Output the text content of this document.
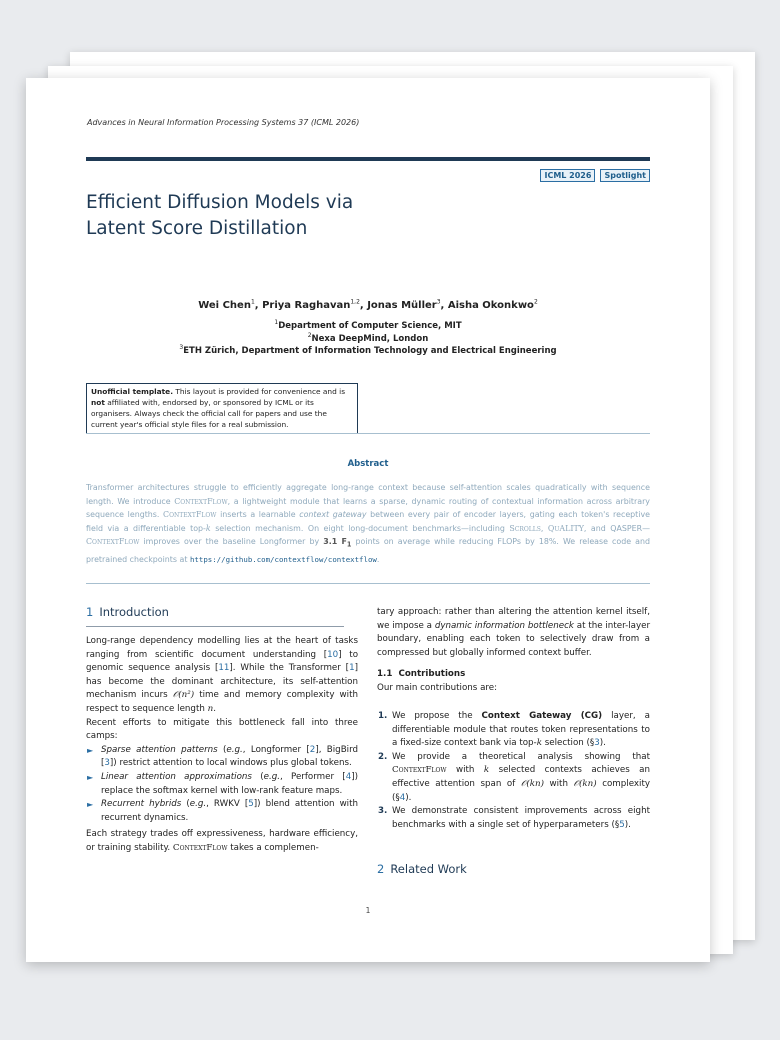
Advances in Neural Information Processing Systems 37 (ICML 2026)
ICML 2026	Spotlight
Efficient Diffusion Models via
Latent Score Distillation
Wei Chen$^1$, Priya Raghavan$^{1,2}$, Jonas Müller$^3$, Aisha Okonkwo$^2$
$^1$Department of Computer Science, MIT
$^2$Nexa DeepMind, London
$^3$ETH Zürich, Department of Information Technology and Electrical Engineering
Unofficial template. This layout is provided for convenience and is not affiliated with, endorsed by, or sponsored by ICML or its organisers. Always check the official call for papers and use the current year's official style files for a real submission.
Abstract
Transformer architectures struggle to efficiently aggregate long-range context because self-attention scales quadratically with sequence length. We introduce ContextFlow, a lightweight module that learns a sparse, dynamic routing of contextual information across arbitrary sequence lengths. ContextFlow inserts a learnable context gateway between every pair of encoder layers, gating each token's receptive field via a differentiable top-k selection mechanism. On eight long-document benchmarks—including Scrolls, QuALITY, and QASPER—ContextFlow improves over the baseline Longformer by 3.1 $F_1$ points on average while reducing FLOPs by 18%. We release code and pretrained checkpoints at https://github.com/contextflow/contextflow.
1 Introduction
Long-range dependency modelling lies at the heart of tasks ranging from scientific document understanding [10] to genomic sequence analysis [11]. While the Transformer [1] has become the dominant architecture, its self-attention mechanism incurs 𝒪(n²) time and memory complexity with respect to sequence length n.
Recent efforts to mitigate this bottleneck fall into three camps:
► Sparse attention patterns (e.g., Longformer [2], BigBird [3]) restrict attention to local windows plus global tokens.
► Linear attention approximations (e.g., Performer [4]) replace the softmax kernel with low-rank feature maps.
► Recurrent hybrids (e.g., RWKV [5]) blend attention with recurrent dynamics.
Each strategy trades off expressiveness, hardware efficiency, or training stability. ContextFlow takes a complemen-
tary approach: rather than altering the attention kernel itself, we impose a dynamic information bottleneck at the inter-layer boundary, enabling each token to selectively draw from a compressed but globally informed context buffer.
1.1 Contributions
Our main contributions are:
1. We propose the Context Gateway (CG) layer, a differentiable module that routes token representations to a fixed-size context bank via top-k selection (§3).
2. We provide a theoretical analysis showing that ContextFlow with k selected contexts achieves an effective attention span of 𝒪(kn) with 𝒪(kn) complexity (§4).
3. We demonstrate consistent improvements across eight benchmarks with a single set of hyperparameters (§5).
2 Related Work
1
